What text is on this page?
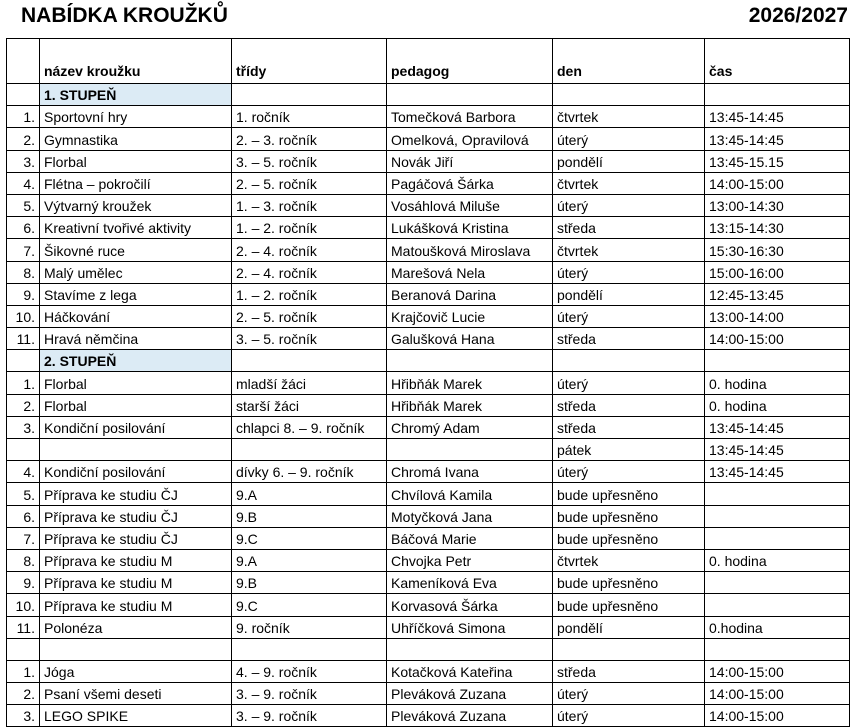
NABÍDKA KROUŽKŮ	2026/2027
	název kroužku	třídy	pedagog	den	čas
	1. STUPEŇ				
1.	Sportovní hry	1. ročník	Tomečková Barbora	čtvrtek	13:45-14:45
2.	Gymnastika	2. – 3. ročník	Omelková, Opravilová	úterý	13:45-14:45
3.	Florbal	3. – 5. ročník	Novák Jiří	pondělí	13:45-15.15
4.	Flétna – pokročilí	2. – 5. ročník	Pagáčová Šárka	čtvrtek	14:00-15:00
5.	Výtvarný kroužek	1. – 3. ročník	Vosáhlová Miluše	úterý	13:00-14:30
6.	Kreativní tvořivé aktivity	1. – 2. ročník	Lukášková Kristina	středa	13:15-14:30
7.	Šikovné ruce	2. – 4. ročník	Matoušková Miroslava	čtvrtek	15:30-16:30
8.	Malý umělec	2. – 4. ročník	Marešová Nela	úterý	15:00-16:00
9.	Stavíme z lega	1. – 2. ročník	Beranová Darina	pondělí	12:45-13:45
10.	Háčkování	2. – 5. ročník	Krajčovič Lucie	úterý	13:00-14:00
11.	Hravá němčina	3. – 5. ročník	Galušková Hana	středa	14:00-15:00
	2. STUPEŇ				
1.	Florbal	mladší žáci	Hřibňák Marek	úterý	0. hodina
2.	Florbal	starší žáci	Hřibňák Marek	středa	0. hodina
3.	Kondiční posilování	chlapci 8. – 9. ročník	Chromý Adam	středa	13:45-14:45
				pátek	13:45-14:45
4.	Kondiční posilování	dívky 6. – 9. ročník	Chromá Ivana	úterý	13:45-14:45
5.	Příprava ke studiu ČJ	9.A	Chvílová Kamila	bude upřesněno	
6.	Příprava ke studiu ČJ	9.B	Motyčková Jana	bude upřesněno	
7.	Příprava ke studiu ČJ	9.C	Báčová Marie	bude upřesněno	
8.	Příprava ke studiu M	9.A	Chvojka Petr	čtvrtek	0. hodina
9.	Příprava ke studiu M	9.B	Kameníková Eva	bude upřesněno	
10.	Příprava ke studiu M	9.C	Korvasová Šárka	bude upřesněno	
11.	Polonéza	9. ročník	Uhříčková Simona	pondělí	0.hodina

1.	Jóga	4. – 9. ročník	Kotačková Kateřina	středa	14:00-15:00
2.	Psaní všemi deseti	3. – 9. ročník	Pleváková Zuzana	úterý	14:00-15:00
3.	LEGO SPIKE	3. – 9. ročník	Pleváková Zuzana	úterý	14:00-15:00
